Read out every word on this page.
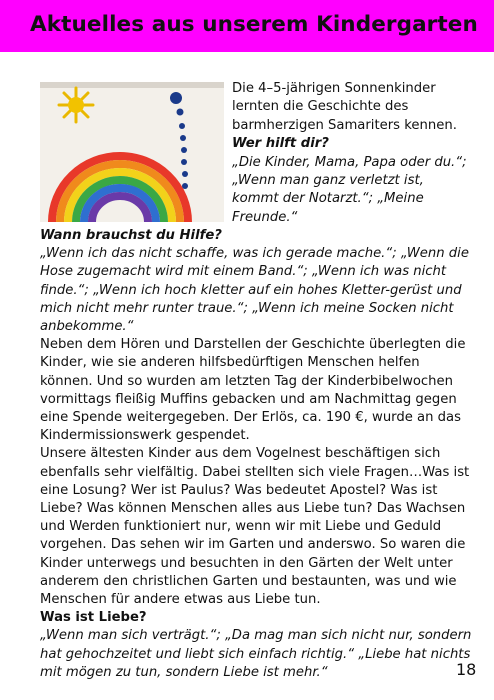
Aktuelles aus unserem Kindergarten

Die 4–5-jährigen Sonnenkinder lernten die Geschichte des barmherzigen Samariters kennen.
Wer hilft dir?
„Die Kinder, Mama, Papa oder du.“; „Wenn man ganz verletzt ist, kommt der Notarzt.“; „Meine Freunde.“

Wann brauchst du Hilfe?
„Wenn ich das nicht schaffe, was ich gerade mache.“; „Wenn die Hose zugemacht wird mit einem Band.“; „Wenn ich was nicht finde.“; „Wenn ich hoch kletter auf ein hohes Kletter-gerüst und mich nicht mehr runter traue.“; „Wenn ich meine Socken nicht anbekomme.“
Neben dem Hören und Darstellen der Geschichte überlegten die Kinder, wie sie anderen hilfsbedürftigen Menschen helfen können. Und so wurden am letzten Tag der Kinderbibelwochen vormittags fleißig Muffins gebacken und am Nachmittag gegen eine Spende weitergegeben. Der Erlös, ca. 190 €, wurde an das Kindermissionswerk gespendet.
Unsere ältesten Kinder aus dem Vogelnest beschäftigen sich ebenfalls sehr vielfältig. Dabei stellten sich viele Fragen…Was ist eine Losung? Wer ist Paulus? Was bedeutet Apostel? Was ist Liebe? Was können Menschen alles aus Liebe tun? Das Wachsen und Werden funktioniert nur, wenn wir mit Liebe und Geduld vorgehen. Das sehen wir im Garten und anderswo. So waren die Kinder unterwegs und besuchten in den Gärten der Welt unter anderem den christlichen Garten und bestaunten, was und wie Menschen für andere etwas aus Liebe tun.
Was ist Liebe?
„Wenn man sich verträgt.“; „Da mag man sich nicht nur, sondern hat gehochzeitet und liebt sich einfach richtig.“ „Liebe hat nichts mit mögen zu tun, sondern Liebe ist mehr.“	18
